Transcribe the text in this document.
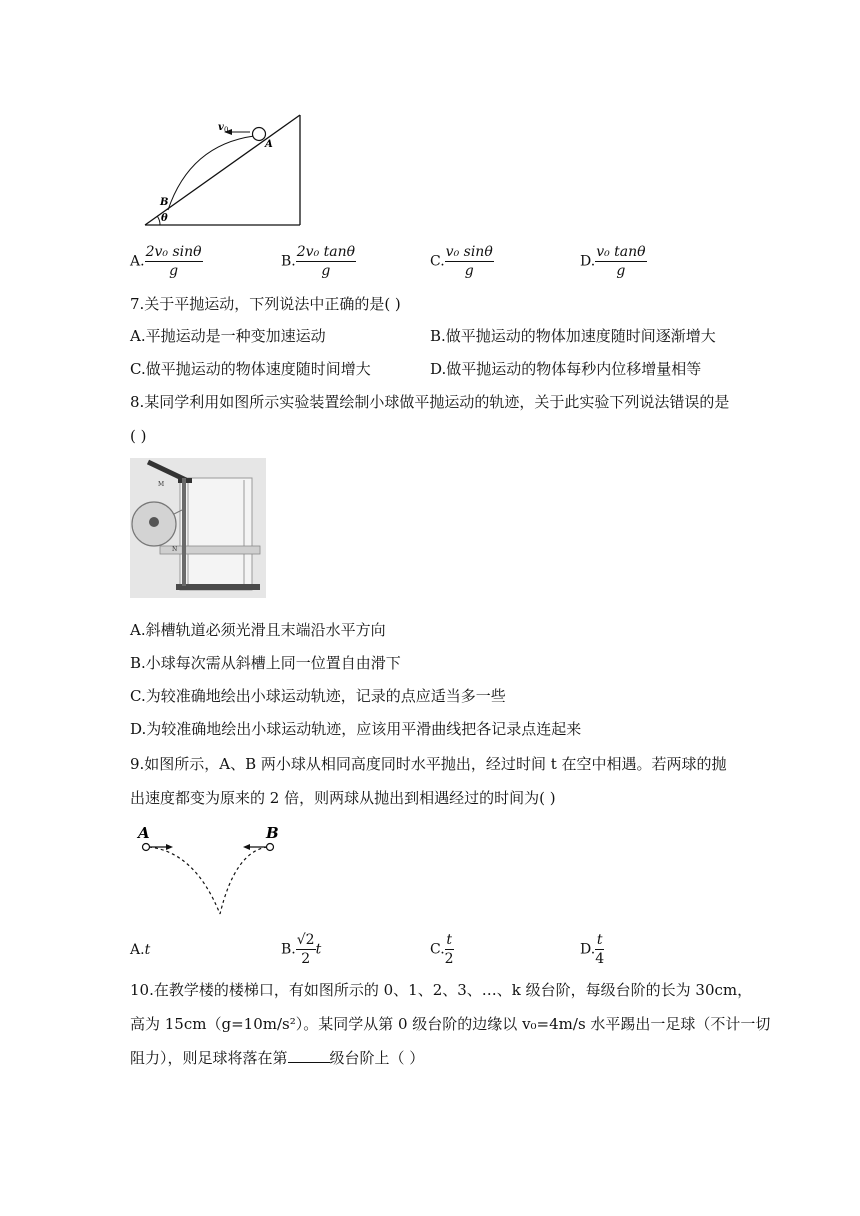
v 0
A
B
θ
A. $\frac{\text{2v₀ sinθ}}{g}$	B. $\frac{\text{2v₀ tanθ}}{g}$	C. $\frac{\text{v₀ sinθ}}{g}$	D. $\frac{\text{v₀ tanθ}}{g}$
7.关于平抛运动，下列说法中正确的是( )
A.平抛运动是一种变加速运动	B.做平抛运动的物体加速度随时间逐渐增大
C.做平抛运动的物体速度随时间增大	D.做平抛运动的物体每秒内位移增量相等
8.某同学利用如图所示实验装置绘制小球做平抛运动的轨迹，关于此实验下列说法错误的是
( )
M
N
A.斜槽轨道必须光滑且末端沿水平方向
B.小球每次需从斜槽上同一位置自由滑下
C.为较准确地绘出小球运动轨迹，记录的点应适当多一些
D.为较准确地绘出小球运动轨迹，应该用平滑曲线把各记录点连起来
9.如图所示，A、B 两小球从相同高度同时水平抛出，经过时间 t 在空中相遇。若两球的抛
出速度都变为原来的 2 倍，则两球从抛出到相遇经过的时间为( )
A	B
A.t	B. $\frac{√2}{2}$ t	C. $\frac{t}{2}$	D. $\frac{t}{4}$
10.在教学楼的楼梯口，有如图所示的 0、1、2、3、…、k 级台阶，每级台阶的长为 30cm，
高为 15cm（g=10m/s²）。某同学从第 0 级台阶的边缘以 v₀=4m/s 水平踢出一足球（不计一切
阻力），则足球将落在第	级台阶上（ ）
